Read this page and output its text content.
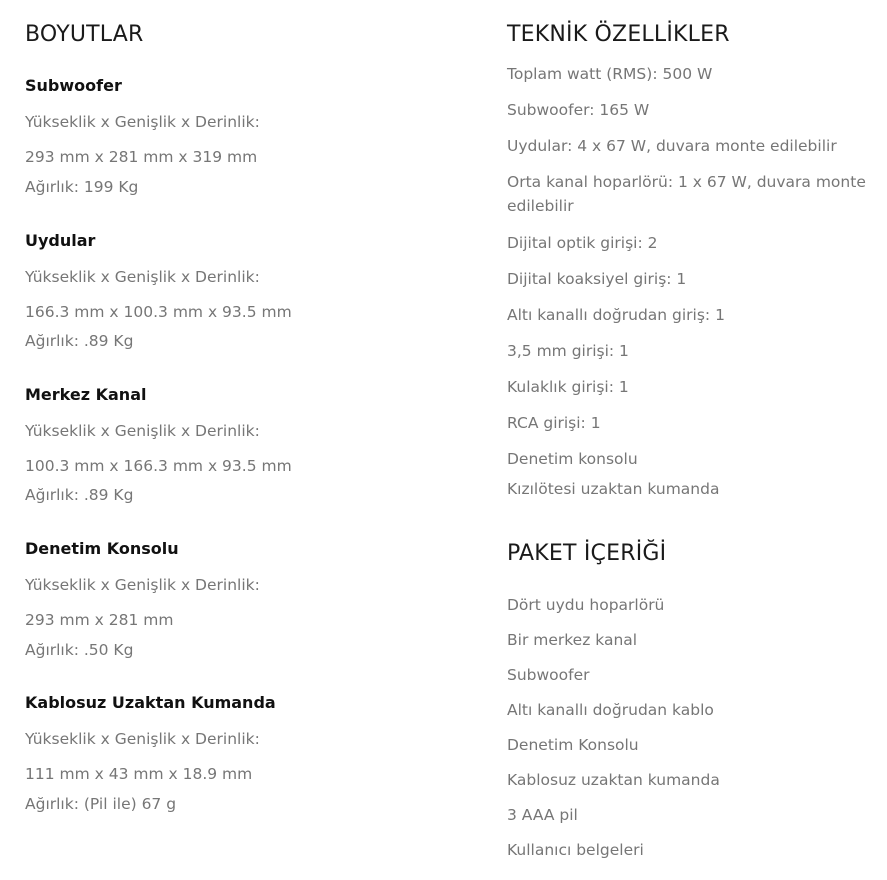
BOYUTLAR
Subwoofer
Yükseklik x Genişlik x Derinlik:
293 mm x 281 mm x 319 mm
Ağırlık: 199 Kg
Uydular
Yükseklik x Genişlik x Derinlik:
166.3 mm x 100.3 mm x 93.5 mm
Ağırlık: .89 Kg
Merkez Kanal
Yükseklik x Genişlik x Derinlik:
100.3 mm x 166.3 mm x 93.5 mm
Ağırlık: .89 Kg
Denetim Konsolu
Yükseklik x Genişlik x Derinlik:
293 mm x 281 mm
Ağırlık: .50 Kg
Kablosuz Uzaktan Kumanda
Yükseklik x Genişlik x Derinlik:
111 mm x 43 mm x 18.9 mm
Ağırlık: (Pil ile) 67 g
TEKNİK ÖZELLİKLER
Toplam watt (RMS): 500 W
Subwoofer: 165 W
Uydular: 4 x 67 W, duvara monte edilebilir
Orta kanal hoparlörü: 1 x 67 W, duvara monte edilebilir
Dijital optik girişi: 2
Dijital koaksiyel giriş: 1
Altı kanallı doğrudan giriş: 1
3,5 mm girişi: 1
Kulaklık girişi: 1
RCA girişi: 1
Denetim konsolu
Kızılötesi uzaktan kumanda
PAKET İÇERİĞİ
Dört uydu hoparlörü
Bir merkez kanal
Subwoofer
Altı kanallı doğrudan kablo
Denetim Konsolu
Kablosuz uzaktan kumanda
3 AAA pil
Kullanıcı belgeleri
